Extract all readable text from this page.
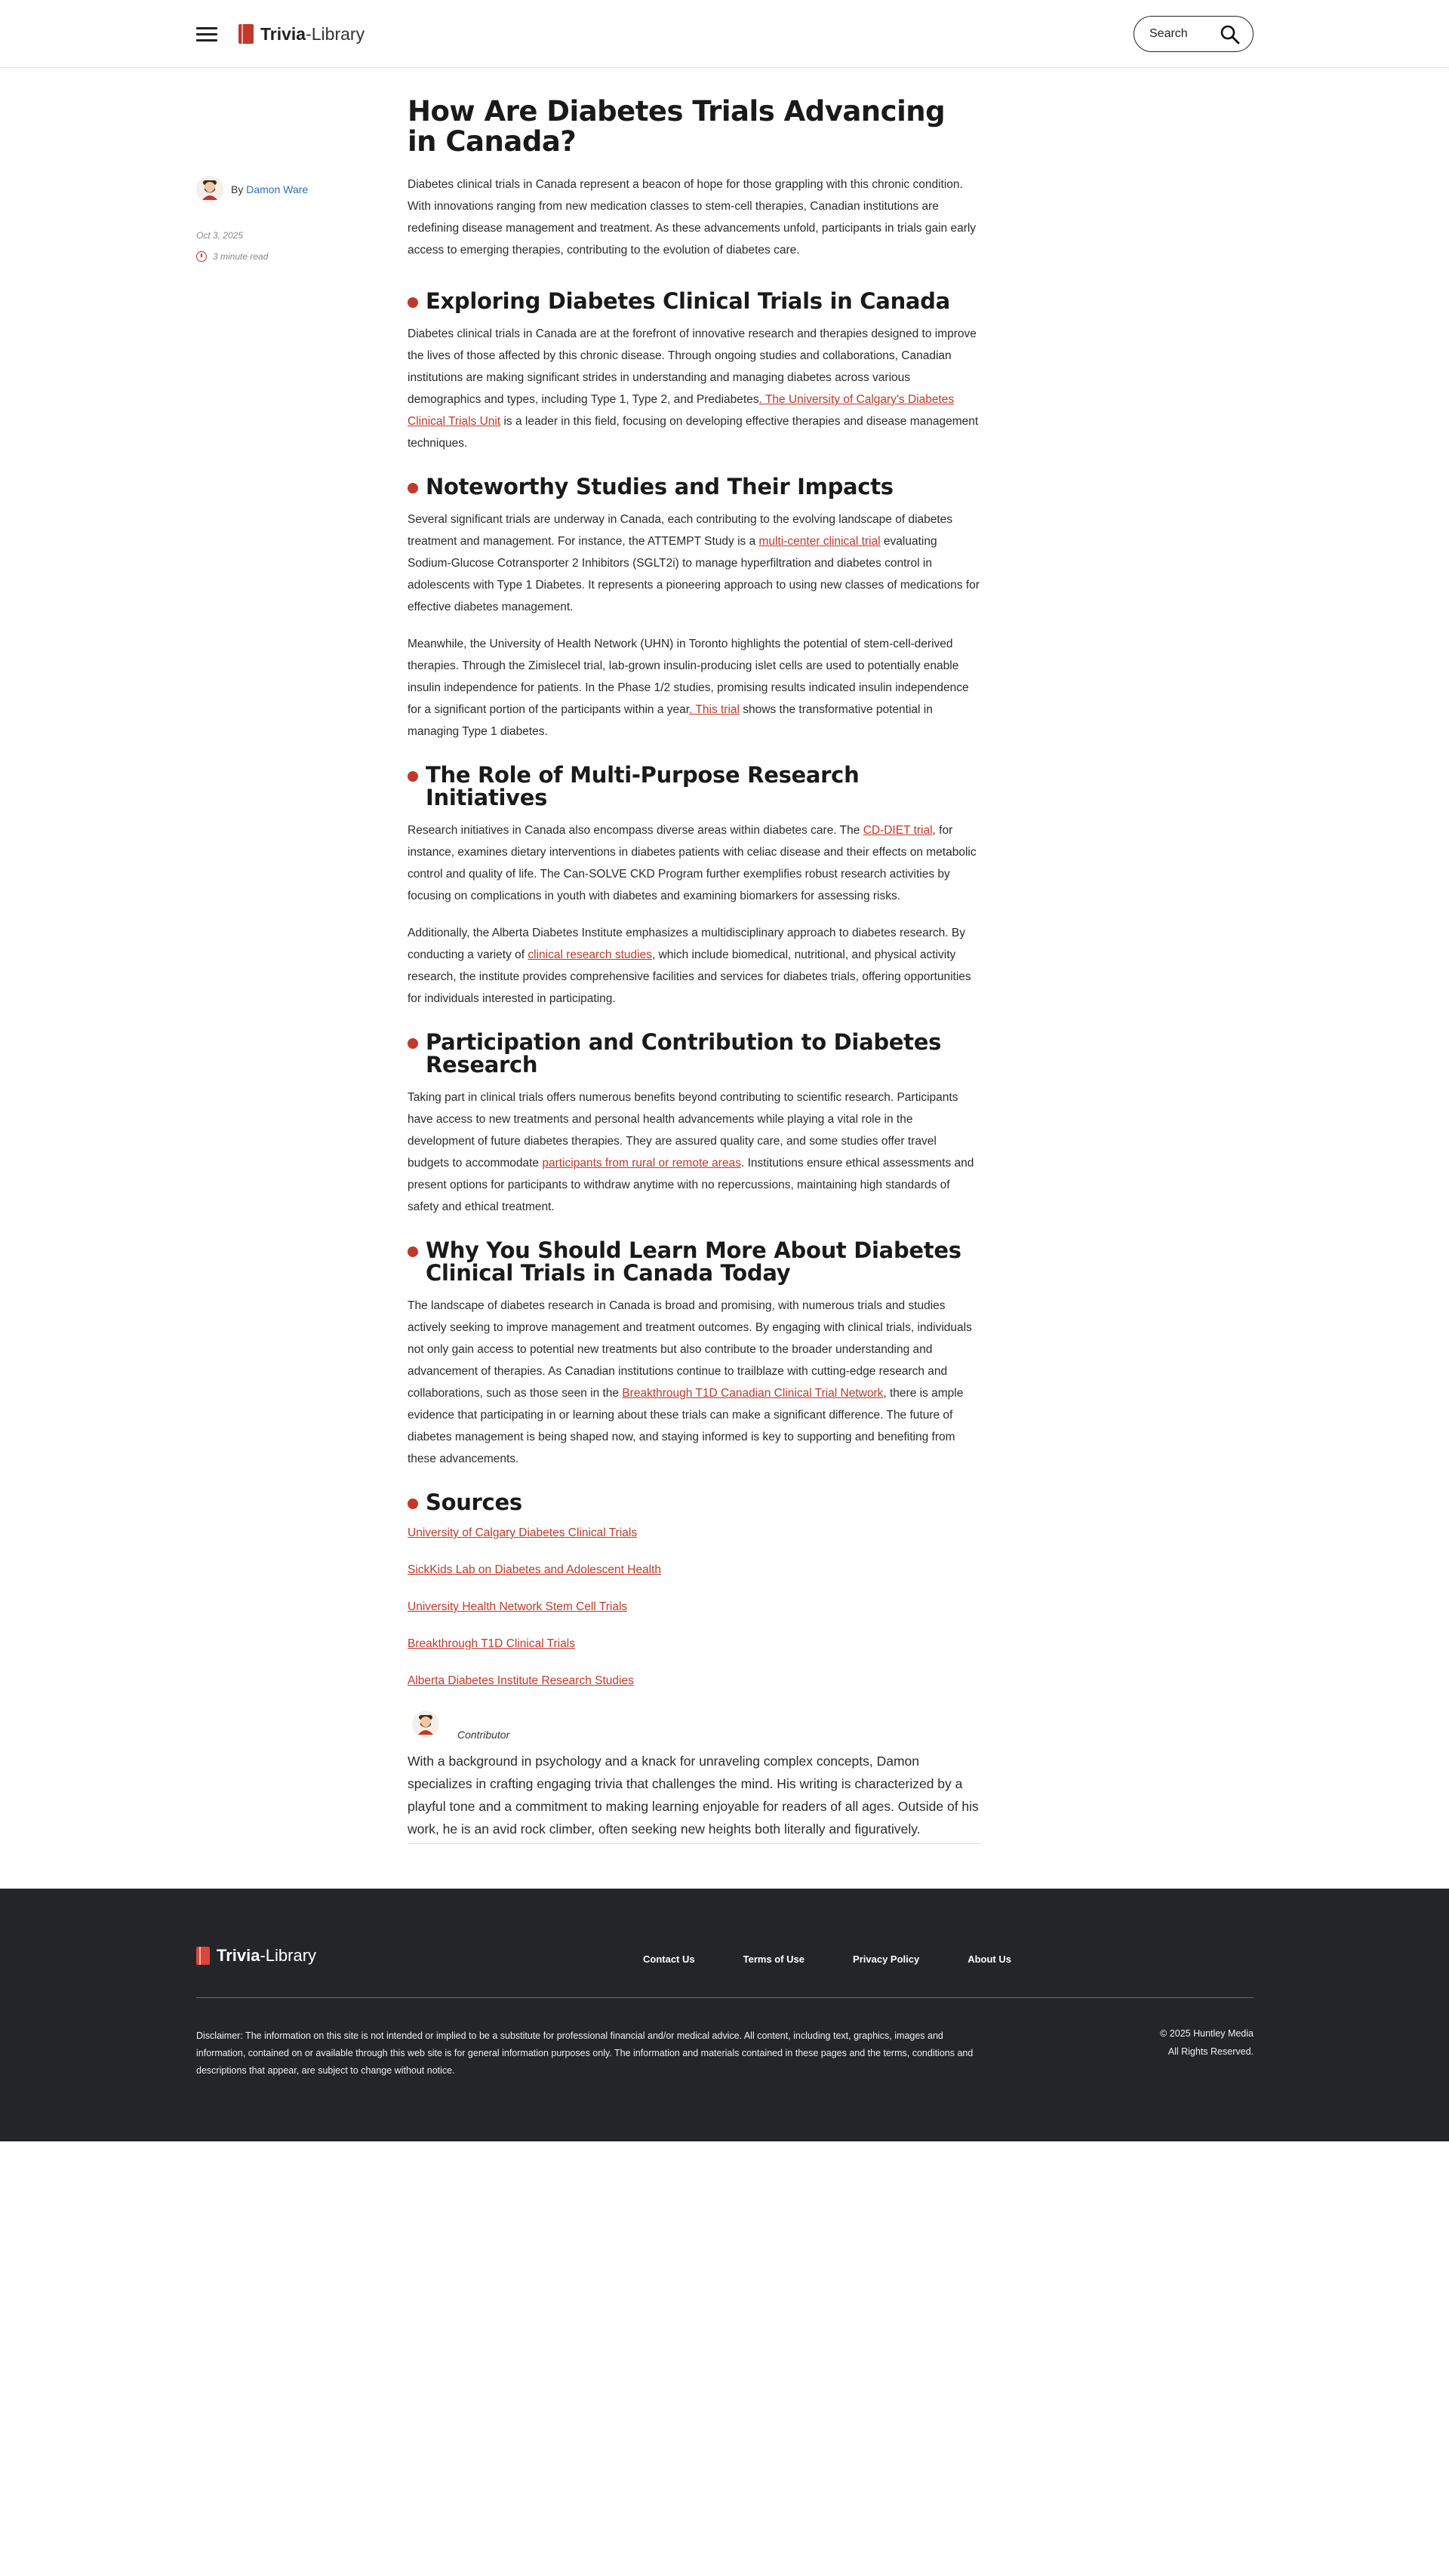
Trivia-Library	Search
By Damon Ware
Oct 3, 2025
3 minute read
How Are Diabetes Trials Advancing in Canada?

Diabetes clinical trials in Canada represent a beacon of hope for those grappling with this chronic condition. With innovations ranging from new medication classes to stem-cell therapies, Canadian institutions are redefining disease management and treatment. As these advancements unfold, participants in trials gain early access to emerging therapies, contributing to the evolution of diabetes care.

Exploring Diabetes Clinical Trials in Canada

Diabetes clinical trials in Canada are at the forefront of innovative research and therapies designed to improve the lives of those affected by this chronic disease. Through ongoing studies and collaborations, Canadian institutions are making significant strides in understanding and managing diabetes across various demographics and types, including Type 1, Type 2, and Prediabetes. The University of Calgary's Diabetes Clinical Trials Unit is a leader in this field, focusing on developing effective therapies and disease management techniques.

Noteworthy Studies and Their Impacts

Several significant trials are underway in Canada, each contributing to the evolving landscape of diabetes treatment and management. For instance, the ATTEMPT Study is a multi-center clinical trial evaluating Sodium-Glucose Cotransporter 2 Inhibitors (SGLT2i) to manage hyperfiltration and diabetes control in adolescents with Type 1 Diabetes. It represents a pioneering approach to using new classes of medications for effective diabetes management.

Meanwhile, the University of Health Network (UHN) in Toronto highlights the potential of stem-cell-derived therapies. Through the Zimislecel trial, lab-grown insulin-producing islet cells are used to potentially enable insulin independence for patients. In the Phase 1/2 studies, promising results indicated insulin independence for a significant portion of the participants within a year. This trial shows the transformative potential in managing Type 1 diabetes.

The Role of Multi-Purpose Research Initiatives

Research initiatives in Canada also encompass diverse areas within diabetes care. The CD-DIET trial, for instance, examines dietary interventions in diabetes patients with celiac disease and their effects on metabolic control and quality of life. The Can-SOLVE CKD Program further exemplifies robust research activities by focusing on complications in youth with diabetes and examining biomarkers for assessing risks.

Additionally, the Alberta Diabetes Institute emphasizes a multidisciplinary approach to diabetes research. By conducting a variety of clinical research studies, which include biomedical, nutritional, and physical activity research, the institute provides comprehensive facilities and services for diabetes trials, offering opportunities for individuals interested in participating.

Participation and Contribution to Diabetes Research

Taking part in clinical trials offers numerous benefits beyond contributing to scientific research. Participants have access to new treatments and personal health advancements while playing a vital role in the development of future diabetes therapies. They are assured quality care, and some studies offer travel budgets to accommodate participants from rural or remote areas. Institutions ensure ethical assessments and present options for participants to withdraw anytime with no repercussions, maintaining high standards of safety and ethical treatment.

Why You Should Learn More About Diabetes Clinical Trials in Canada Today

The landscape of diabetes research in Canada is broad and promising, with numerous trials and studies actively seeking to improve management and treatment outcomes. By engaging with clinical trials, individuals not only gain access to potential new treatments but also contribute to the broader understanding and advancement of therapies. As Canadian institutions continue to trailblaze with cutting-edge research and collaborations, such as those seen in the Breakthrough T1D Canadian Clinical Trial Network, there is ample evidence that participating in or learning about these trials can make a significant difference. The future of diabetes management is being shaped now, and staying informed is key to supporting and benefiting from these advancements.

Sources
University of Calgary Diabetes Clinical Trials
SickKids Lab on Diabetes and Adolescent Health
University Health Network Stem Cell Trials
Breakthrough T1D Clinical Trials
Alberta Diabetes Institute Research Studies
Contributor

With a background in psychology and a knack for unraveling complex concepts, Damon specializes in crafting engaging trivia that challenges the mind. His writing is characterized by a playful tone and a commitment to making learning enjoyable for readers of all ages. Outside of his work, he is an avid rock climber, often seeking new heights both literally and figuratively.

Trivia-Library	Contact Us	Terms of Use	Privacy Policy	About Us

Disclaimer: The information on this site is not intended or implied to be a substitute for professional financial and/or medical advice. All content, including text, graphics, images and information, contained on or available through this web site is for general information purposes only. The information and materials contained in these pages and the terms, conditions and descriptions that appear, are subject to change without notice.

© 2025 Huntley Media
All Rights Reserved.
